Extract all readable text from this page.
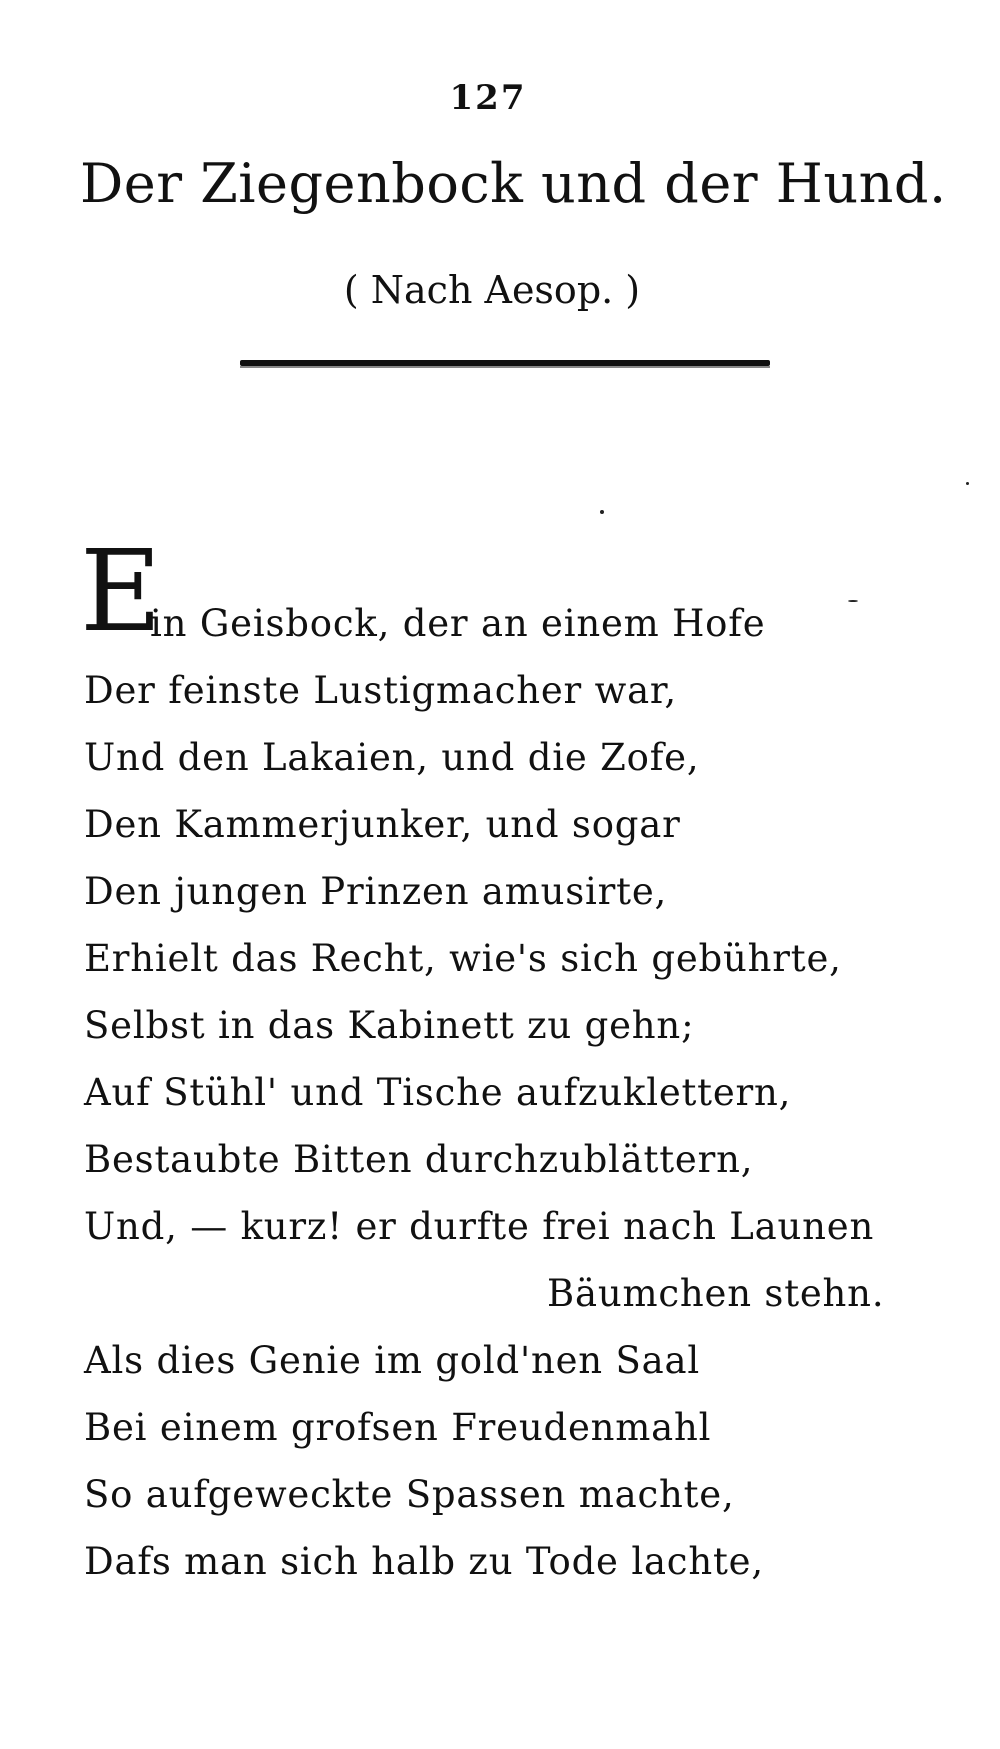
127
Der Ziegenbock und der Hund.
( Nach Aesop. )
E
in Geisbock, der an einem Hofe
Der feinste Lustigmacher war,
Und den Lakaien, und die Zofe,
Den Kammerjunker, und sogar
Den jungen Prinzen amusirte,
Erhielt das Recht, wie's sich gebührte,
Selbst in das Kabinett zu gehn;
Auf Stühl' und Tische aufzuklettern,
Bestaubte Bitten durchzublättern,
Und, — kurz! er durfte frei nach Launen
Bäumchen stehn.
Als dies Genie im gold'nen Saal
Bei einem grofsen Freudenmahl
So aufgeweckte Spassen machte,
Dafs man sich halb zu Tode lachte,
